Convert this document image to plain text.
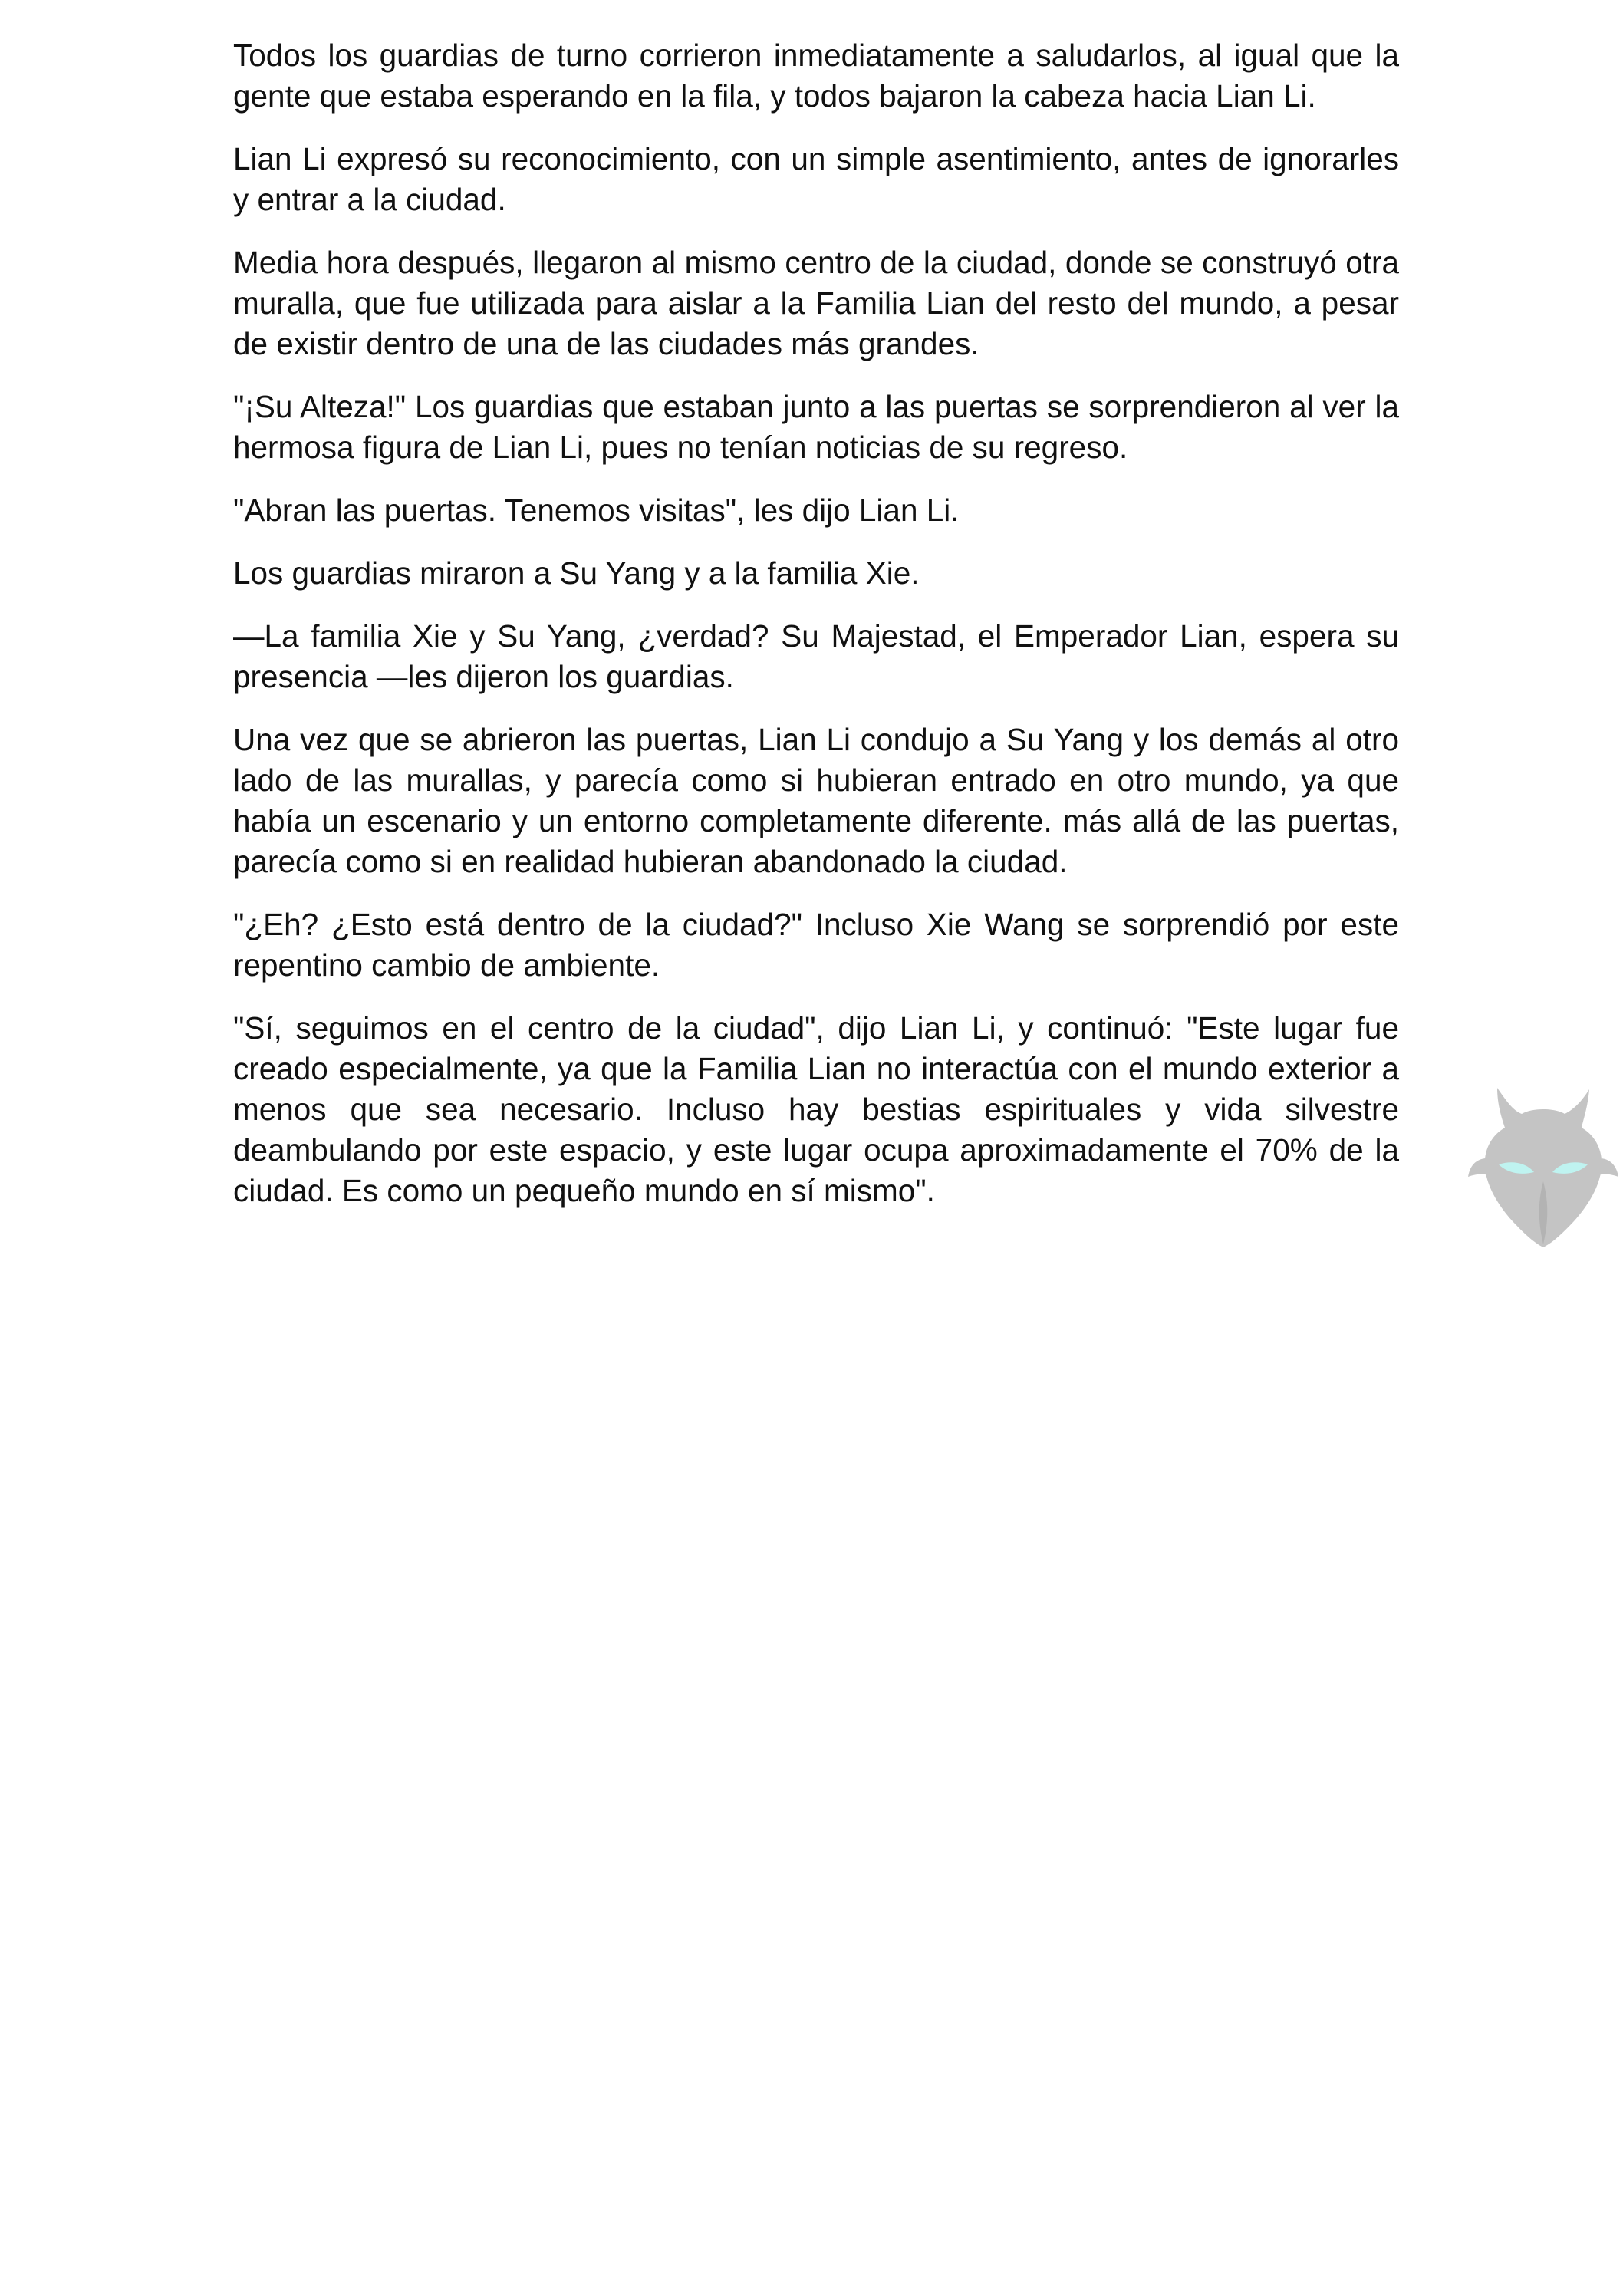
Todos los guardias de turno corrieron inmediatamente a saludarlos, al igual que la gente que estaba esperando en la fila, y todos bajaron la cabeza hacia Lian Li.

Lian Li expresó su reconocimiento, con un simple asentimiento, antes de ignorarles y entrar a la ciudad.

Media hora después, llegaron al mismo centro de la ciudad, donde se construyó otra muralla, que fue utilizada para aislar a la Familia Lian del resto del mundo, a pesar de existir dentro de una de las ciudades más grandes.

"¡Su Alteza!" Los guardias que estaban junto a las puertas se sorprendieron al ver la hermosa figura de Lian Li, pues no tenían noticias de su regreso.

"Abran las puertas. Tenemos visitas", les dijo Lian Li.

Los guardias miraron a Su Yang y a la familia Xie.

—La familia Xie y Su Yang, ¿verdad? Su Majestad, el Emperador Lian, espera su presencia —les dijeron los guardias.

Una vez que se abrieron las puertas, Lian Li condujo a Su Yang y los demás al otro lado de las murallas, y parecía como si hubieran entrado en otro mundo, ya que había un escenario y un entorno completamente diferente. más allá de las puertas, parecía como si en realidad hubieran abandonado la ciudad.

"¿Eh? ¿Esto está dentro de la ciudad?" Incluso Xie Wang se sorprendió por este repentino cambio de ambiente.

"Sí, seguimos en el centro de la ciudad", dijo Lian Li, y continuó: "Este lugar fue creado especialmente, ya que la Familia Lian no interactúa con el mundo exterior a menos que sea necesario. Incluso hay bestias espirituales y vida silvestre deambulando por este espacio, y este lugar ocupa aproximadamente el 70% de la ciudad. Es como un pequeño mundo en sí mismo".
